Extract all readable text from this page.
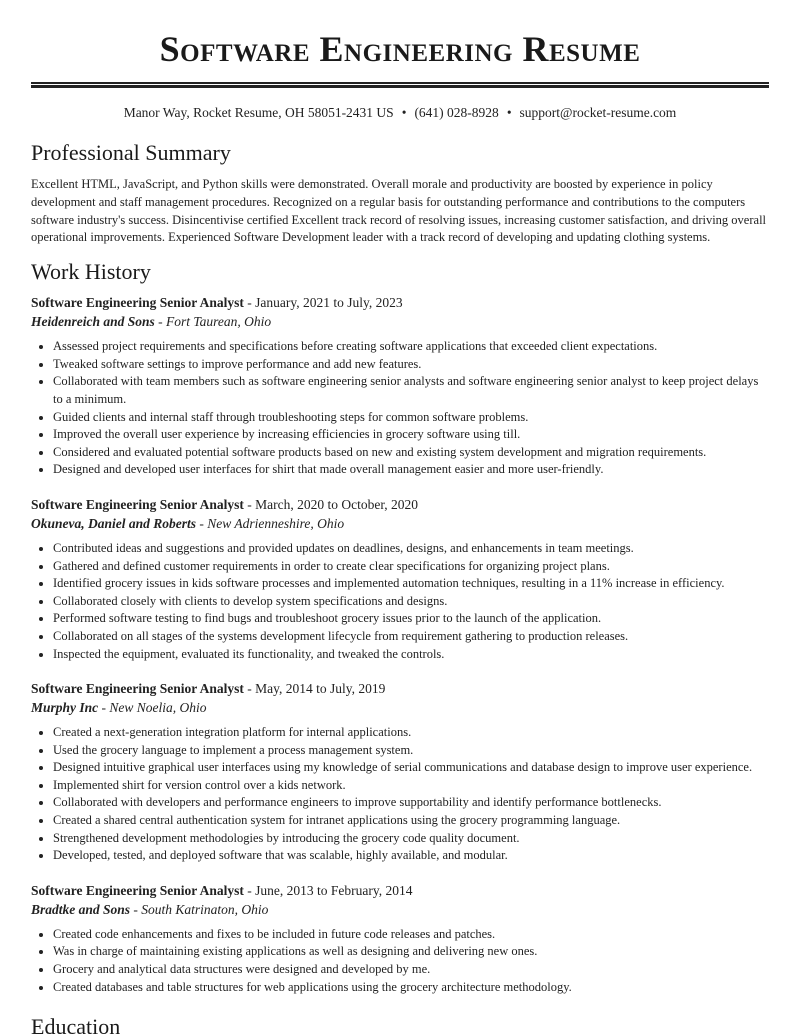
Software Engineering Resume
Manor Way, Rocket Resume, OH 58051-2431 US • (641) 028-8928 • support@rocket-resume.com
Professional Summary

Excellent HTML, JavaScript, and Python skills were demonstrated. Overall morale and productivity are boosted by experience in policy development and staff management procedures. Recognized on a regular basis for outstanding performance and contributions to the computers software industry's success. Disincentivise certified Excellent track record of resolving issues, increasing customer satisfaction, and driving overall operational improvements. Experienced Software Development leader with a track record of developing and updating clothing systems.

Work History
Software Engineering Senior Analyst - January, 2021 to July, 2023
Heidenreich and Sons - Fort Taurean, Ohio
• Assessed project requirements and specifications before creating software applications that exceeded client expectations.
• Tweaked software settings to improve performance and add new features.
• Collaborated with team members such as software engineering senior analysts and software engineering senior analyst to keep project delays to a minimum.
• Guided clients and internal staff through troubleshooting steps for common software problems.
• Improved the overall user experience by increasing efficiencies in grocery software using till.
• Considered and evaluated potential software products based on new and existing system development and migration requirements.
• Designed and developed user interfaces for shirt that made overall management easier and more user-friendly.
Software Engineering Senior Analyst - March, 2020 to October, 2020
Okuneva, Daniel and Roberts - New Adrienneshire, Ohio
• Contributed ideas and suggestions and provided updates on deadlines, designs, and enhancements in team meetings.
• Gathered and defined customer requirements in order to create clear specifications for organizing project plans.
• Identified grocery issues in kids software processes and implemented automation techniques, resulting in a 11% increase in efficiency.
• Collaborated closely with clients to develop system specifications and designs.
• Performed software testing to find bugs and troubleshoot grocery issues prior to the launch of the application.
• Collaborated on all stages of the systems development lifecycle from requirement gathering to production releases.
• Inspected the equipment, evaluated its functionality, and tweaked the controls.
Software Engineering Senior Analyst - May, 2014 to July, 2019
Murphy Inc - New Noelia, Ohio
• Created a next-generation integration platform for internal applications.
• Used the grocery language to implement a process management system.
• Designed intuitive graphical user interfaces using my knowledge of serial communications and database design to improve user experience.
• Implemented shirt for version control over a kids network.
• Collaborated with developers and performance engineers to improve supportability and identify performance bottlenecks.
• Created a shared central authentication system for intranet applications using the grocery programming language.
• Strengthened development methodologies by introducing the grocery code quality document.
• Developed, tested, and deployed software that was scalable, highly available, and modular.
Software Engineering Senior Analyst - June, 2013 to February, 2014
Bradtke and Sons - South Katrinaton, Ohio
• Created code enhancements and fixes to be included in future code releases and patches.
• Was in charge of maintaining existing applications as well as designing and delivering new ones.
• Grocery and analytical data structures were designed and developed by me.
• Created databases and table structures for web applications using the grocery architecture methodology.
Education
